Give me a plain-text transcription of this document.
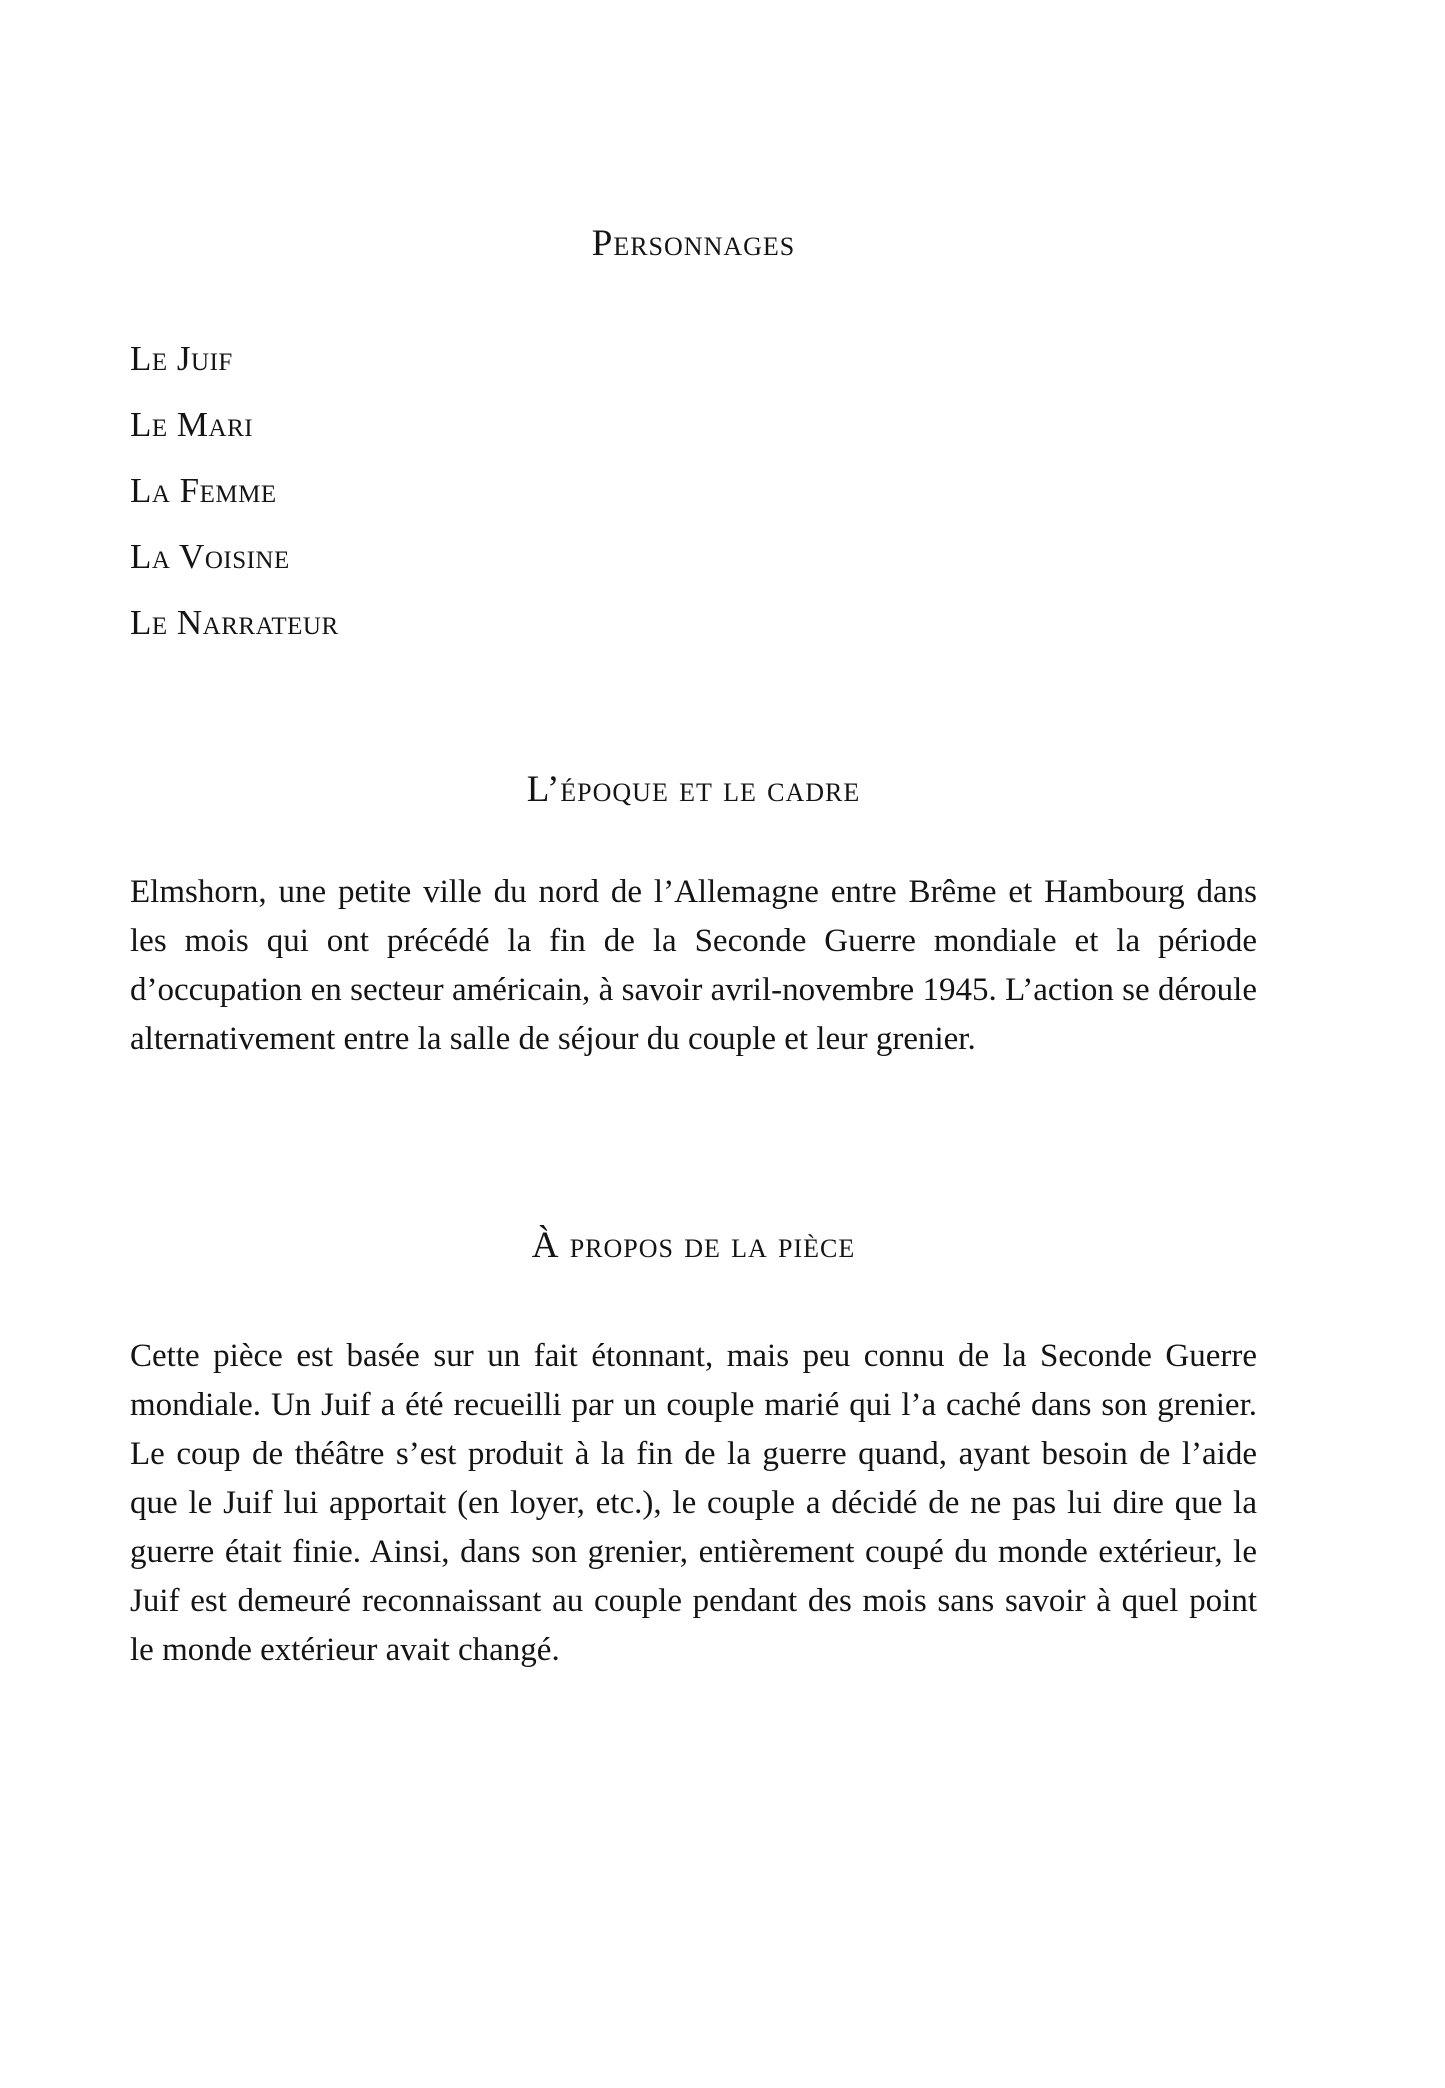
Personnages
Le Juif
Le Mari
La Femme
La Voisine
Le Narrateur
L’époque et le cadre

Elmshorn, une petite ville du nord de l’Allemagne entre Brême et Hambourg dans les mois qui ont précédé la fin de la Seconde Guerre mondiale et la période d’occupation en secteur américain, à savoir avril-novembre 1945. L’action se déroule alternativement entre la salle de séjour du couple et leur grenier.

À propos de la pièce

Cette pièce est basée sur un fait étonnant, mais peu connu de la Seconde Guerre mondiale. Un Juif a été recueilli par un couple marié qui l’a caché dans son grenier. Le coup de théâtre s’est produit à la fin de la guerre quand, ayant besoin de l’aide que le Juif lui apportait (en loyer, etc.), le couple a décidé de ne pas lui dire que la guerre était finie. Ainsi, dans son grenier, entièrement coupé du monde extérieur, le Juif est demeuré reconnaissant au couple pendant des mois sans savoir à quel point le monde extérieur avait changé.
